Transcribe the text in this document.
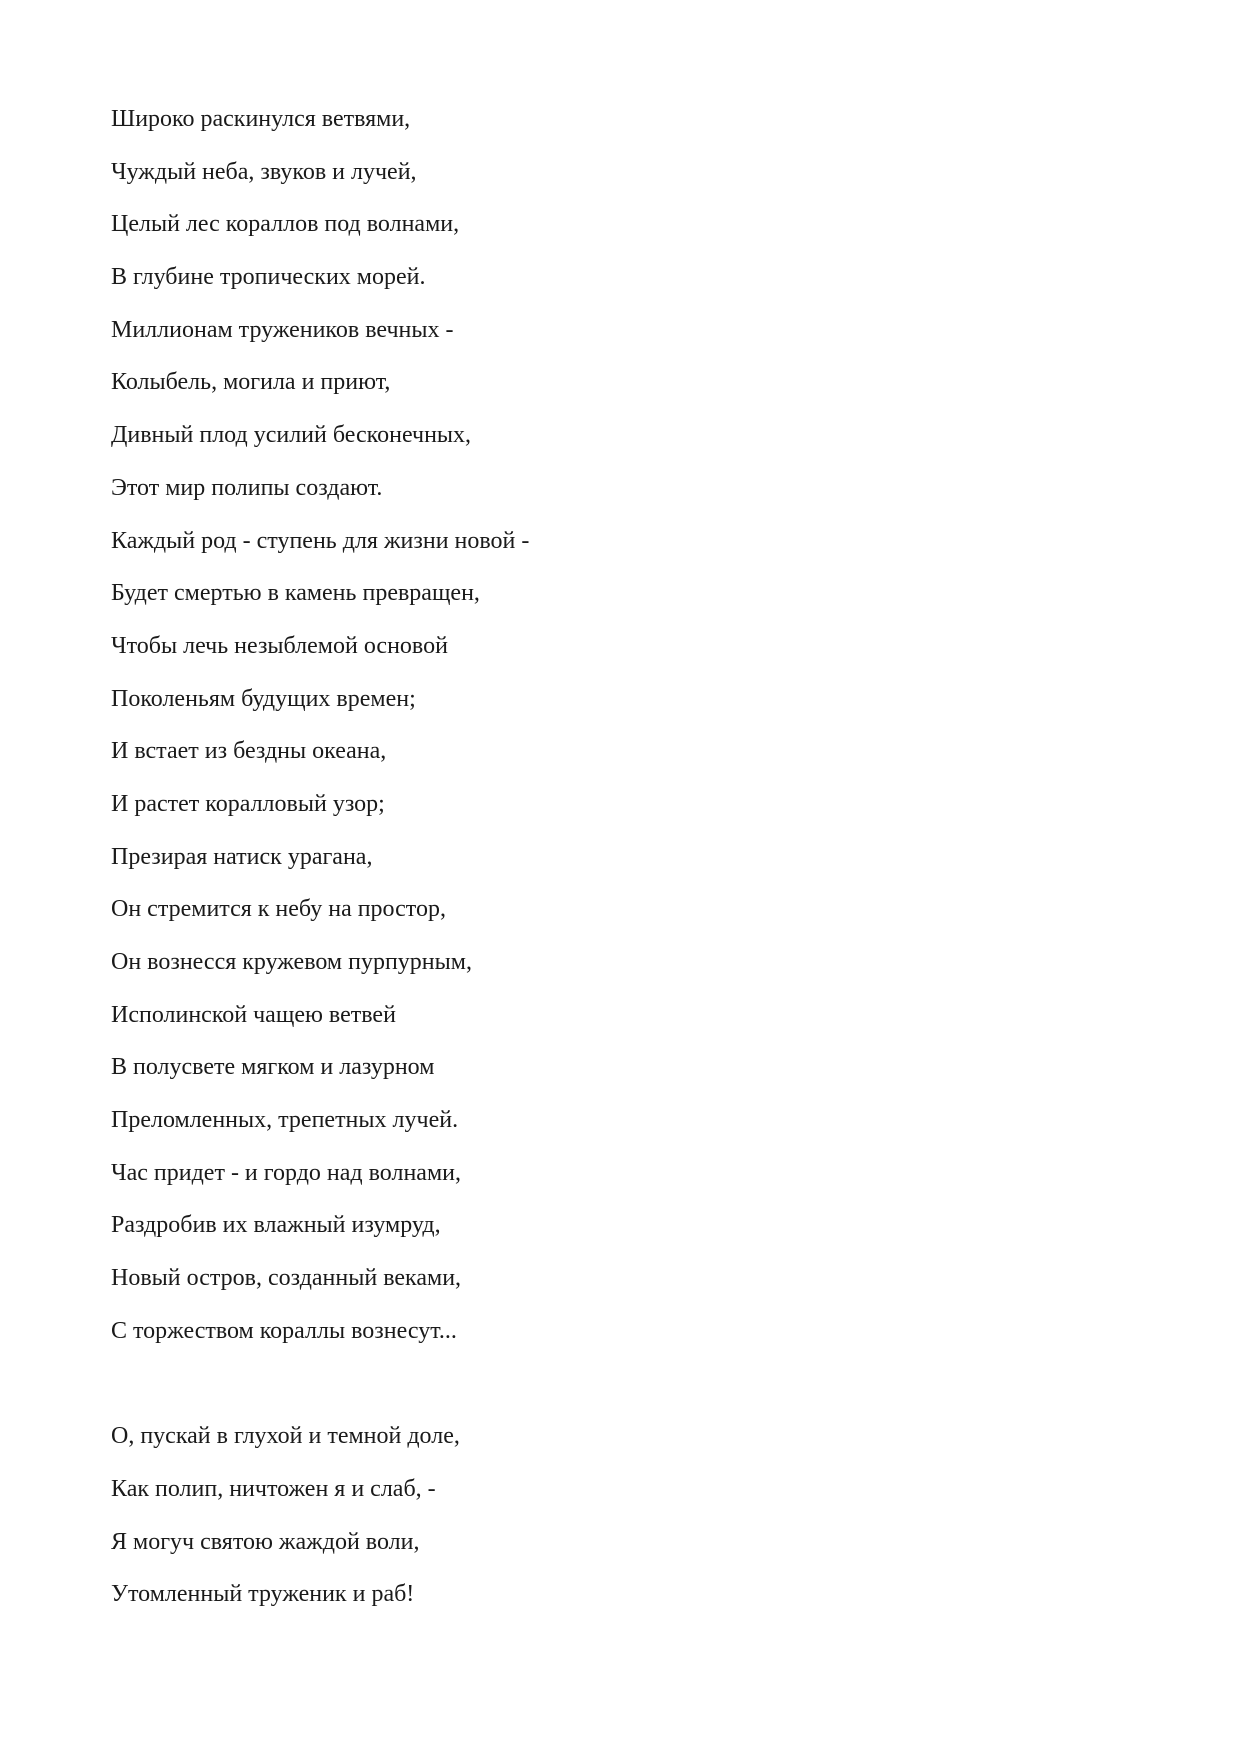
Широко раскинулся ветвями,
Чуждый неба, звуков и лучей,
Целый лес кораллов под волнами,
В глубине тропических морей.
Миллионам тружеников вечных -
Колыбель, могила и приют,
Дивный плод усилий бесконечных,
Этот мир полипы создают.
Каждый род - ступень для жизни новой -
Будет смертью в камень превращен,
Чтобы лечь незыблемой основой
Поколеньям будущих времен;
И встает из бездны океана,
И растет коралловый узор;
Презирая натиск урагана,
Он стремится к небу на простор,
Он вознесся кружевом пурпурным,
Исполинской чащею ветвей
В полусвете мягком и лазурном
Преломленных, трепетных лучей.
Час придет - и гордо над волнами,
Раздробив их влажный изумруд,
Новый остров, созданный веками,
С торжеством кораллы вознесут...
О, пускай в глухой и темной доле,
Как полип, ничтожен я и слаб, -
Я могуч святою жаждой воли,
Утомленный труженик и раб!
